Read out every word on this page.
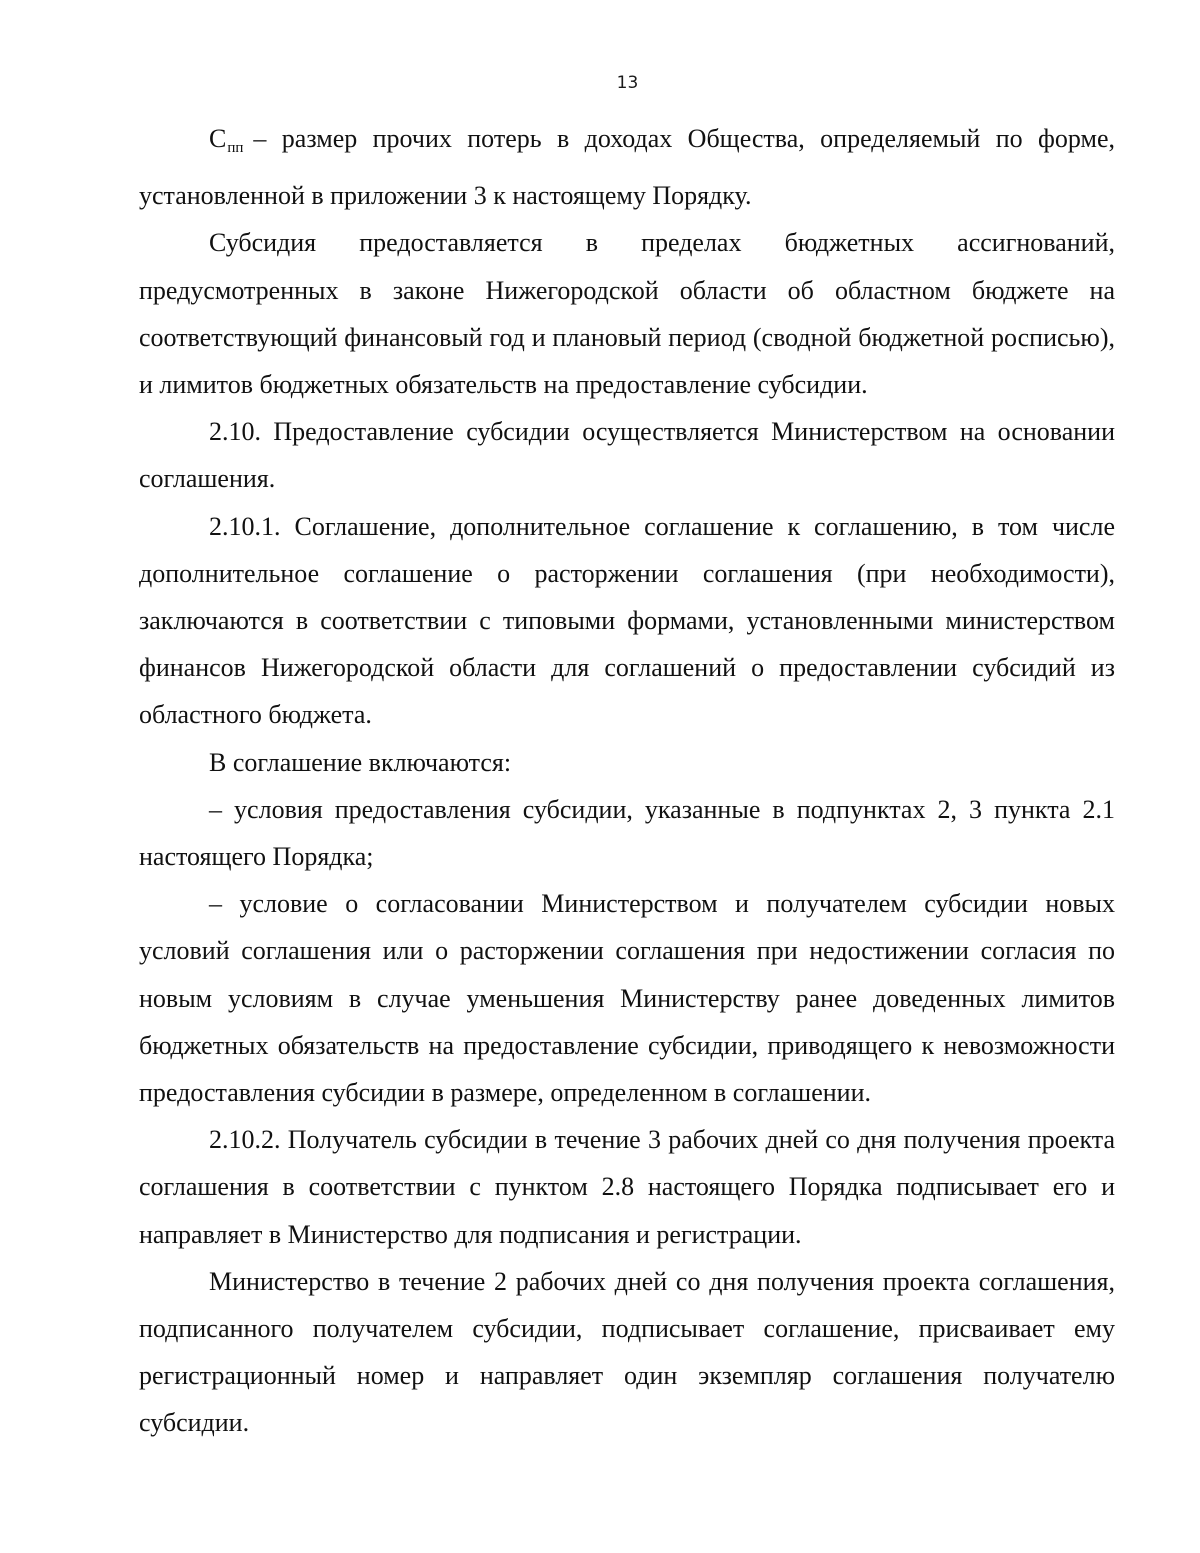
13

$С_{пп}$ – размер прочих потерь в доходах Общества, определяемый по форме, установленной в приложении 3 к настоящему Порядку.

Субсидия предоставляется в пределах бюджетных ассигнований, предусмотренных в законе Нижегородской области об областном бюджете на соответствующий финансовый год и плановый период (сводной бюджетной росписью), и лимитов бюджетных обязательств на предоставление субсидии.

2.10. Предоставление субсидии осуществляется Министерством на основании соглашения.

2.10.1. Соглашение, дополнительное соглашение к соглашению, в том числе дополнительное соглашение о расторжении соглашения (при необходимости), заключаются в соответствии с типовыми формами, установленными министерством финансов Нижегородской области для соглашений о предоставлении субсидий из областного бюджета.

В соглашение включаются:

– условия предоставления субсидии, указанные в подпунктах 2, 3 пункта 2.1 настоящего Порядка;

– условие о согласовании Министерством и получателем субсидии новых условий соглашения или о расторжении соглашения при недостижении согласия по новым условиям в случае уменьшения Министерству ранее доведенных лимитов бюджетных обязательств на предоставление субсидии, приводящего к невозможности предоставления субсидии в размере, определенном в соглашении.

2.10.2. Получатель субсидии в течение 3 рабочих дней со дня получения проекта соглашения в соответствии с пунктом 2.8 настоящего Порядка подписывает его и направляет в Министерство для подписания и регистрации.

Министерство в течение 2 рабочих дней со дня получения проекта соглашения, подписанного получателем субсидии, подписывает соглашение, присваивает ему регистрационный номер и направляет один экземпляр соглашения получателю субсидии.
